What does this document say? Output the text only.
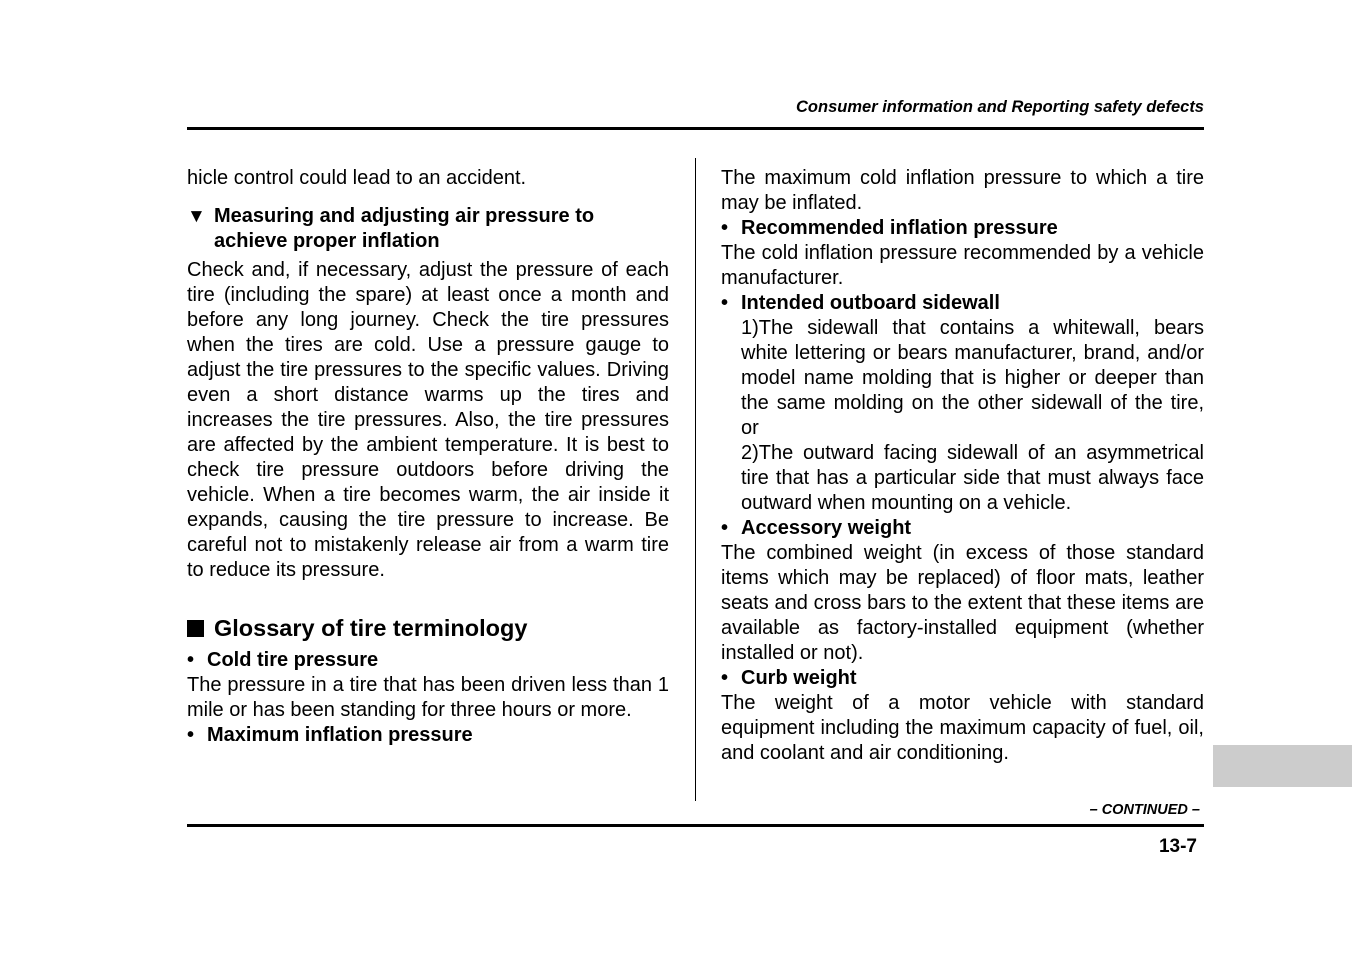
Consumer information and Reporting safety defects

hicle control could lead to an accident.

▼ Measuring and adjusting air pressure to achieve proper inflation

Check and, if necessary, adjust the pressure of each tire (including the spare) at least once a month and before any long journey. Check the tire pressures when the tires are cold. Use a pressure gauge to adjust the tire pressures to the specific values. Driving even a short distance warms up the tires and increases the tire pressures. Also, the tire pressures are affected by the ambient temperature. It is best to check tire pressure outdoors before driving the vehicle. When a tire becomes warm, the air inside it expands, causing the tire pressure to increase. Be careful not to mistakenly release air from a warm tire to reduce its pressure.

Glossary of tire terminology
• Cold tire pressure

The pressure in a tire that has been driven less than 1 mile or has been standing for three hours or more.

• Maximum inflation pressure

The maximum cold inflation pressure to which a tire may be inflated.

• Recommended inflation pressure

The cold inflation pressure recommended by a vehicle manufacturer.

• Intended outboard sidewall

1)The sidewall that contains a whitewall, bears white lettering or bears manufacturer, brand, and/or model name molding that is higher or deeper than the same molding on the other sidewall of the tire, or

2)The outward facing sidewall of an asymmetrical tire that has a particular side that must always face outward when mounting on a vehicle.

• Accessory weight

The combined weight (in excess of those standard items which may be replaced) of floor mats, leather seats and cross bars to the extent that these items are available as factory-installed equipment (whether installed or not).

• Curb weight

The weight of a motor vehicle with standard equipment including the maximum capacity of fuel, oil, and coolant and air conditioning.

– CONTINUED –
13-7
